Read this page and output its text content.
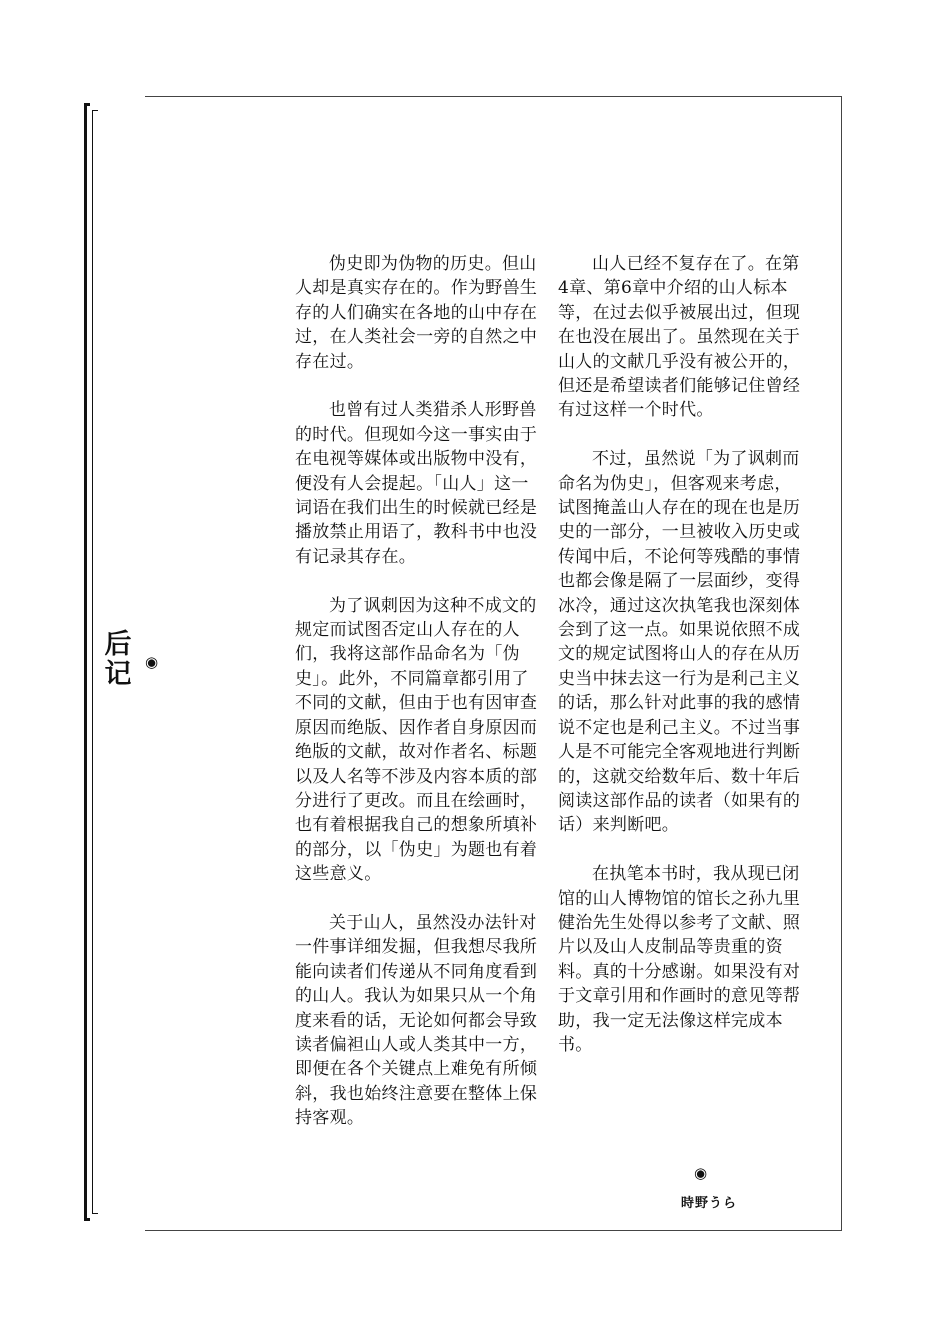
后
记 ◉

伪史即为伪物的历史。但山人却是真实存在的。作为野兽生存的人们确实在各地的山中存在过，在人类社会一旁的自然之中存在过。

也曾有过人类猎杀人形野兽的时代。但现如今这一事实由于在电视等媒体或出版物中没有，便没有人会提起。「山人」这一词语在我们出生的时候就已经是播放禁止用语了，教科书中也没有记录其存在。

为了讽刺因为这种不成文的规定而试图否定山人存在的人们，我将这部作品命名为「伪史」。此外，不同篇章都引用了不同的文献，但由于也有因审查原因而绝版、因作者自身原因而绝版的文献，故对作者名、标题以及人名等不涉及内容本质的部分进行了更改。而且在绘画时，也有着根据我自己的想象所填补的部分，以「伪史」为题也有着这些意义。

关于山人，虽然没办法针对一件事详细发掘，但我想尽我所能向读者们传递从不同角度看到的山人。我认为如果只从一个角度来看的话，无论如何都会导致读者偏袒山人或人类其中一方，即便在各个关键点上难免有所倾斜，我也始终注意要在整体上保持客观。

山人已经不复存在了。在第4章、第6章中介绍的山人标本等，在过去似乎被展出过，但现在也没在展出了。虽然现在关于山人的文献几乎没有被公开的，但还是希望读者们能够记住曾经有过这样一个时代。

不过，虽然说「为了讽刺而命名为伪史」，但客观来考虑，试图掩盖山人存在的现在也是历史的一部分，一旦被收入历史或传闻中后，不论何等残酷的事情也都会像是隔了一层面纱，变得冰冷，通过这次执笔我也深刻体会到了这一点。如果说依照不成文的规定试图将山人的存在从历史当中抹去这一行为是利己主义的话，那么针对此事的我的感情说不定也是利己主义。不过当事人是不可能完全客观地进行判断的，这就交给数年后、数十年后阅读这部作品的读者（如果有的话）来判断吧。

在执笔本书时，我从现已闭馆的山人博物馆的馆长之孙九里健治先生处得以参考了文献、照片以及山人皮制品等贵重的资料。真的十分感谢。如果没有对于文章引用和作画时的意见等帮助，我一定无法像这样完成本书。

◉
時野うら
